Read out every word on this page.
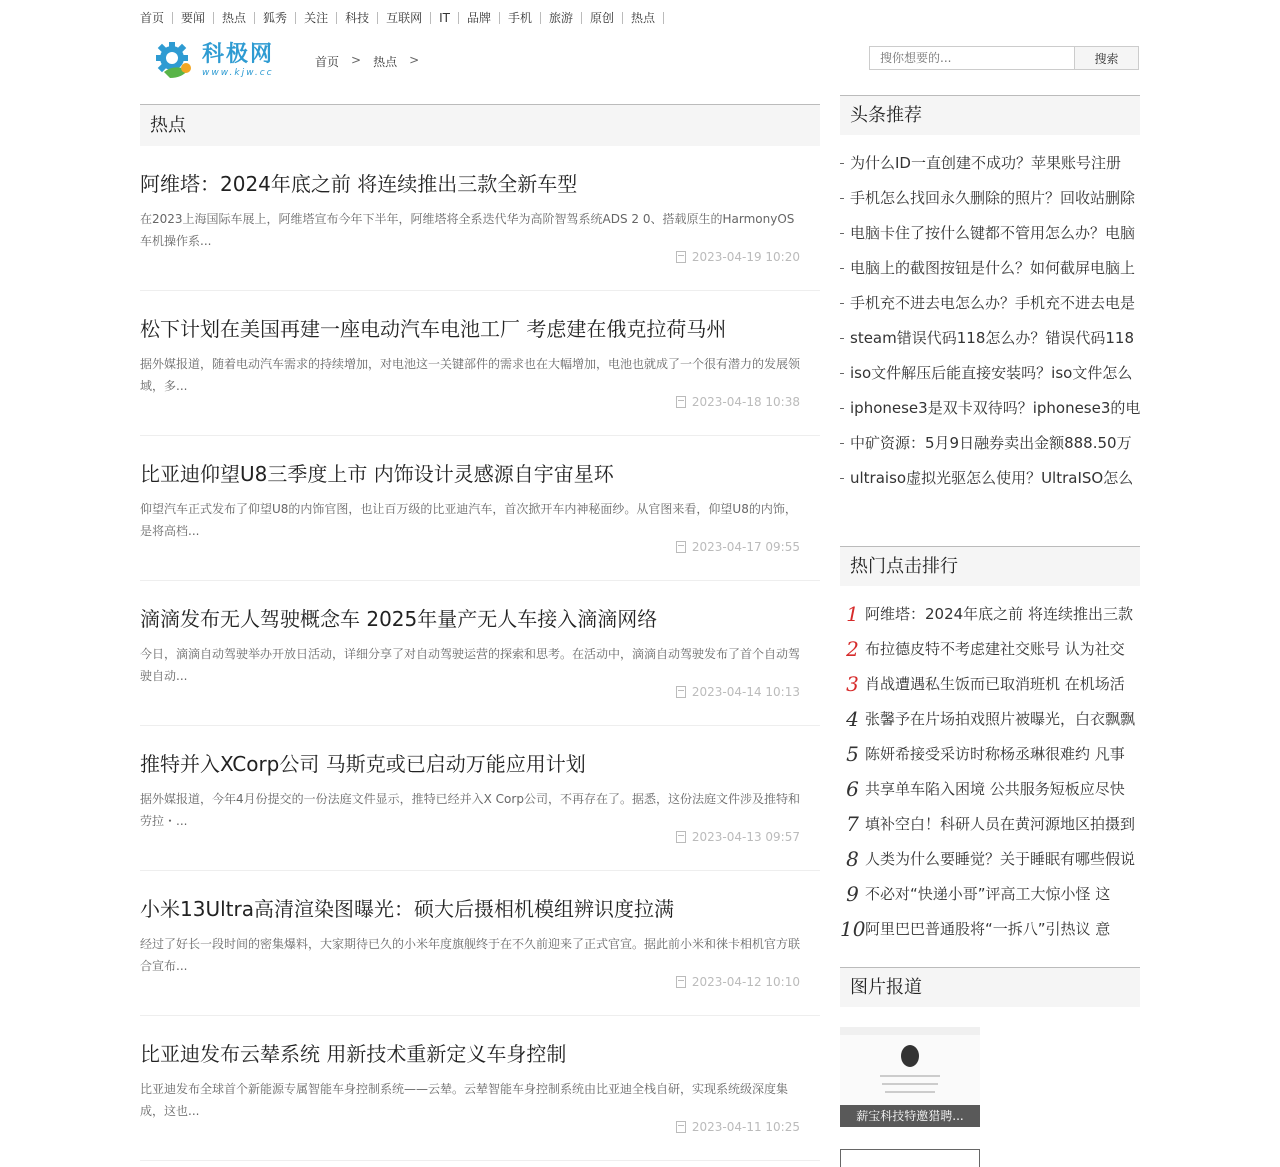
首页	要闻	热点	狐秀	关注	科技	互联网	IT	品牌	手机	旅游	原创	热点
科极网
www.kjw.cc
首页 > 热点 >
搜你想要的...	搜索
热点
阿维塔：2024年底之前 将连续推出三款全新车型

在2023上海国际车展上，阿维塔宣布今年下半年，阿维塔将全系迭代华为高阶智驾系统ADS 2 0、搭载原生的HarmonyOS车机操作系...

2023-04-19 10:20
松下计划在美国再建一座电动汽车电池工厂 考虑建在俄克拉荷马州

据外媒报道，随着电动汽车需求的持续增加，对电池这一关键部件的需求也在大幅增加，电池也就成了一个很有潜力的发展领域，多...

2023-04-18 10:38
比亚迪仰望U8三季度上市 内饰设计灵感源自宇宙星环

仰望汽车正式发布了仰望U8的内饰官图，也让百万级的比亚迪汽车，首次掀开车内神秘面纱。从官图来看，仰望U8的内饰，是将高档...

2023-04-17 09:55
滴滴发布无人驾驶概念车 2025年量产无人车接入滴滴网络

今日，滴滴自动驾驶举办开放日活动，详细分享了对自动驾驶运营的探索和思考。在活动中，滴滴自动驾驶发布了首个自动驾驶自动...

2023-04-14 10:13
推特并入XCorp公司 马斯克或已启动万能应用计划

据外媒报道，今年4月份提交的一份法庭文件显示，推特已经并入X Corp公司，不再存在了。据悉，这份法庭文件涉及推特和劳拉・...

2023-04-13 09:57
小米13Ultra高清渲染图曝光：硕大后摄相机模组辨识度拉满

经过了好长一段时间的密集爆料，大家期待已久的小米年度旗舰终于在不久前迎来了正式官宣。据此前小米和徕卡相机官方联合宣布...

2023-04-12 10:10
比亚迪发布云辇系统 用新技术重新定义车身控制

比亚迪发布全球首个新能源专属智能车身控制系统——云辇。云辇智能车身控制系统由比亚迪全栈自研，实现系统级深度集成，这也...

2023-04-11 10:25
头条推荐
为什么ID一直创建不成功？苹果账号注册
手机怎么找回永久删除的照片？回收站删除
电脑卡住了按什么键都不管用怎么办？电脑
电脑上的截图按钮是什么？如何截屏电脑上
手机充不进去电怎么办？手机充不进去电是
steam错误代码118怎么办？错误代码118
iso文件解压后能直接安装吗？iso文件怎么
iphonese3是双卡双待吗？iphonese3的电
中矿资源：5月9日融券卖出金额888.50万
ultraiso虚拟光驱怎么使用？UltraISO怎么
热门点击排行
1 阿维塔：2024年底之前 将连续推出三款
2 布拉德皮特不考虑建社交账号 认为社交
3 肖战遭遇私生饭而已取消班机 在机场活
4 张馨予在片场拍戏照片被曝光，白衣飘飘
5 陈妍希接受采访时称杨丞琳很难约 凡事
6 共享单车陷入困境 公共服务短板应尽快
7 填补空白！科研人员在黄河源地区拍摄到
8 人类为什么要睡觉？关于睡眠有哪些假说
9 不必对“快递小哥”评高工大惊小怪 这
10 阿里巴巴普通股将“一拆八”引热议 意
图片报道
薪宝科技特邀猎聘...
